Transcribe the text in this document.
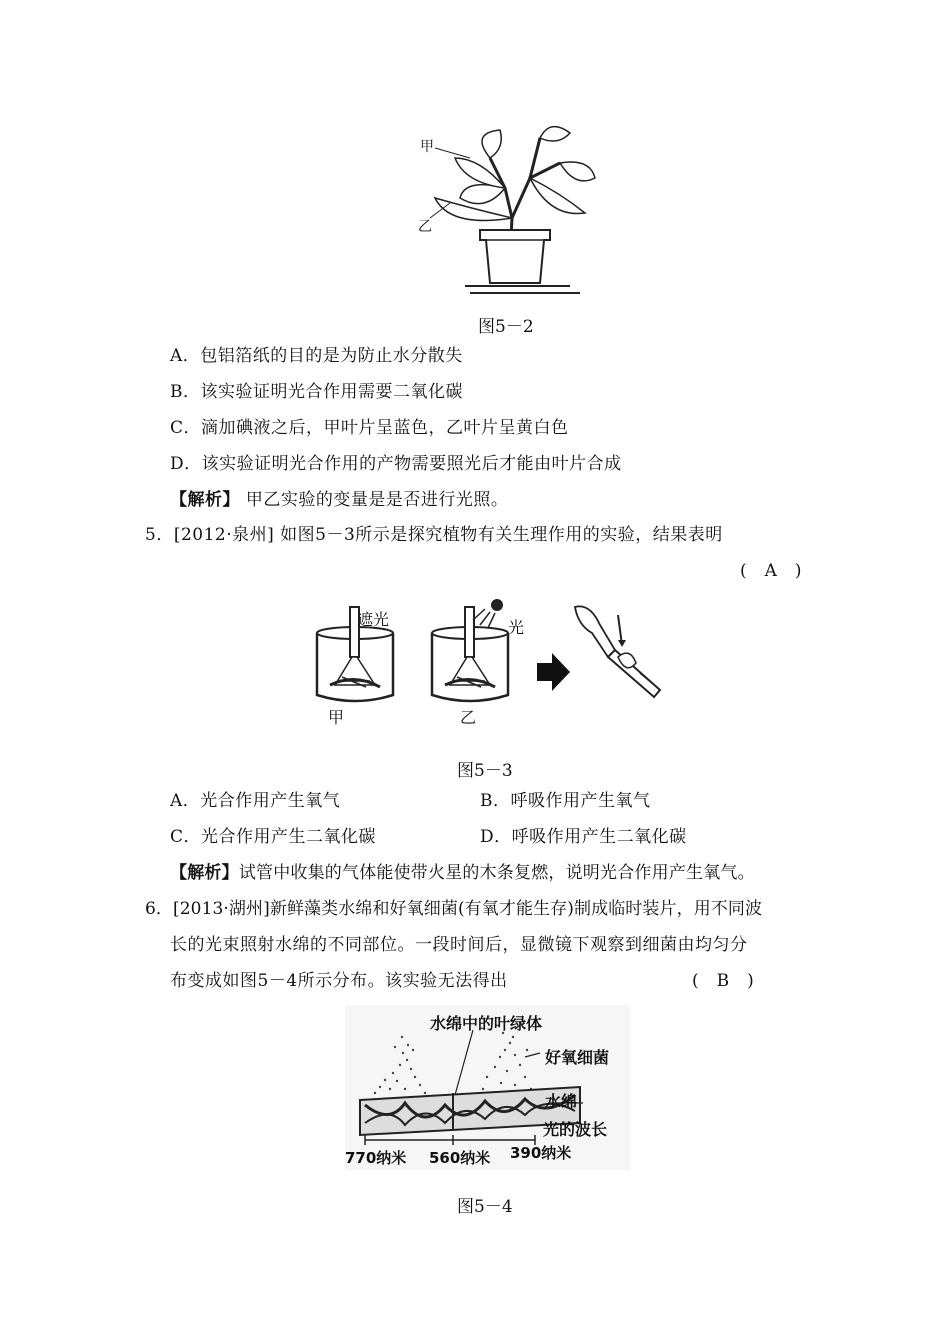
甲
乙
图5－2
A．包铝箔纸的目的是为防止水分散失
B．该实验证明光合作用需要二氧化碳
C．滴加碘液之后，甲叶片呈蓝色，乙叶片呈黄白色
D．该实验证明光合作用的产物需要照光后才能由叶片合成
【解析】 甲乙实验的变量是是否进行光照。
5．[2012·泉州] 如图5－3所示是探究植物有关生理作用的实验，结果表明
(　A　)
遮光	光
甲	乙
图5－3
A．光合作用产生氧气	B．呼吸作用产生氧气
C．光合作用产生二氧化碳	D．呼吸作用产生二氧化碳
【解析】试管中收集的气体能使带火星的木条复燃，说明光合作用产生氧气。
6．[2013·湖州]新鲜藻类水绵和好氧细菌(有氧才能生存)制成临时装片，用不同波
长的光束照射水绵的不同部位。一段时间后，显微镜下观察到细菌由均匀分
布变成如图5－4所示分布。该实验无法得出	(　B　)
水绵中的叶绿体
好氧细菌
水绵
光的波长
770纳米 560纳米 390纳米
图5－4
